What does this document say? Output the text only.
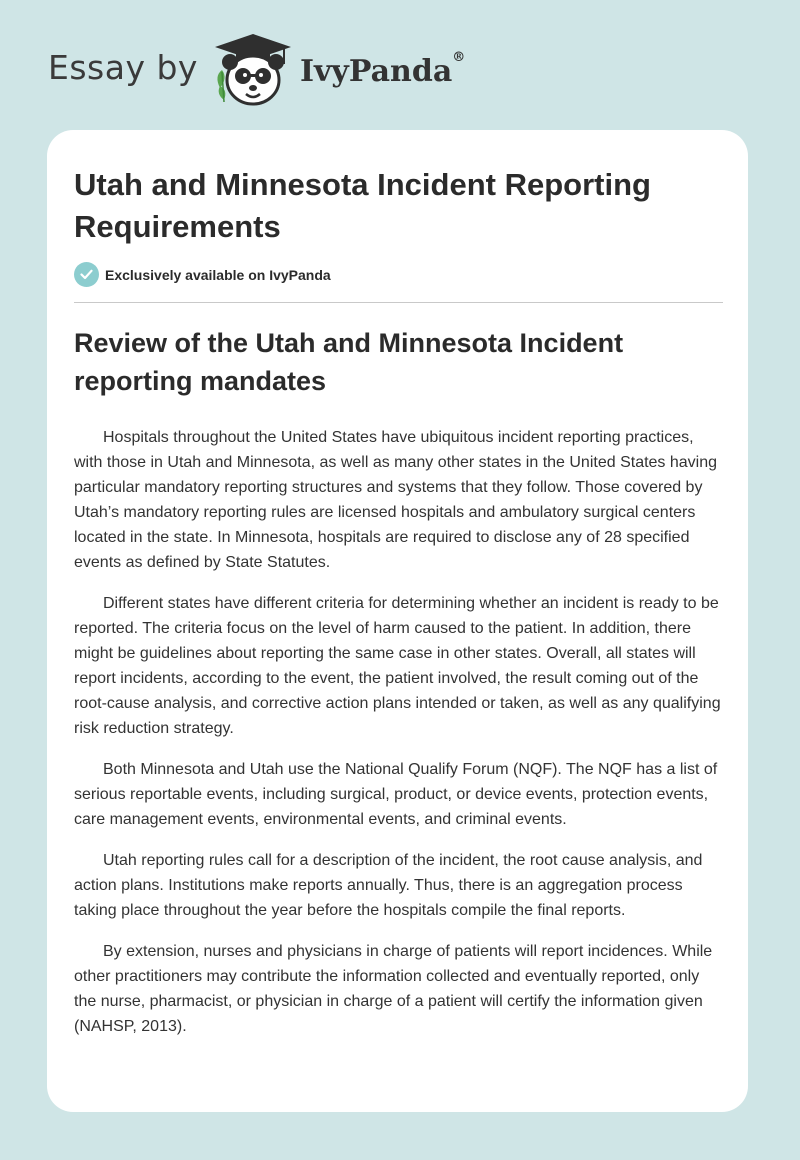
Essay by	IvyPanda®
Utah and Minnesota Incident Reporting Requirements
Exclusively available on IvyPanda
Review of the Utah and Minnesota Incident reporting mandates

Hospitals throughout the United States have ubiquitous incident reporting practices, with those in Utah and Minnesota, as well as many other states in the United States having particular mandatory reporting structures and systems that they follow. Those covered by Utah’s mandatory reporting rules are licensed hospitals and ambulatory surgical centers located in the state. In Minnesota, hospitals are required to disclose any of 28 specified events as defined by State Statutes.

Different states have different criteria for determining whether an incident is ready to be reported. The criteria focus on the level of harm caused to the patient. In addition, there might be guidelines about reporting the same case in other states. Overall, all states will report incidents, according to the event, the patient involved, the result coming out of the root-cause analysis, and corrective action plans intended or taken, as well as any qualifying risk reduction strategy.

Both Minnesota and Utah use the National Qualify Forum (NQF). The NQF has a list of serious reportable events, including surgical, product, or device events, protection events, care management events, environmental events, and criminal events.

Utah reporting rules call for a description of the incident, the root cause analysis, and action plans. Institutions make reports annually. Thus, there is an aggregation process taking place throughout the year before the hospitals compile the final reports.

By extension, nurses and physicians in charge of patients will report incidences. While other practitioners may contribute the information collected and eventually reported, only the nurse, pharmacist, or physician in charge of a patient will certify the information given (NAHSP, 2013).
